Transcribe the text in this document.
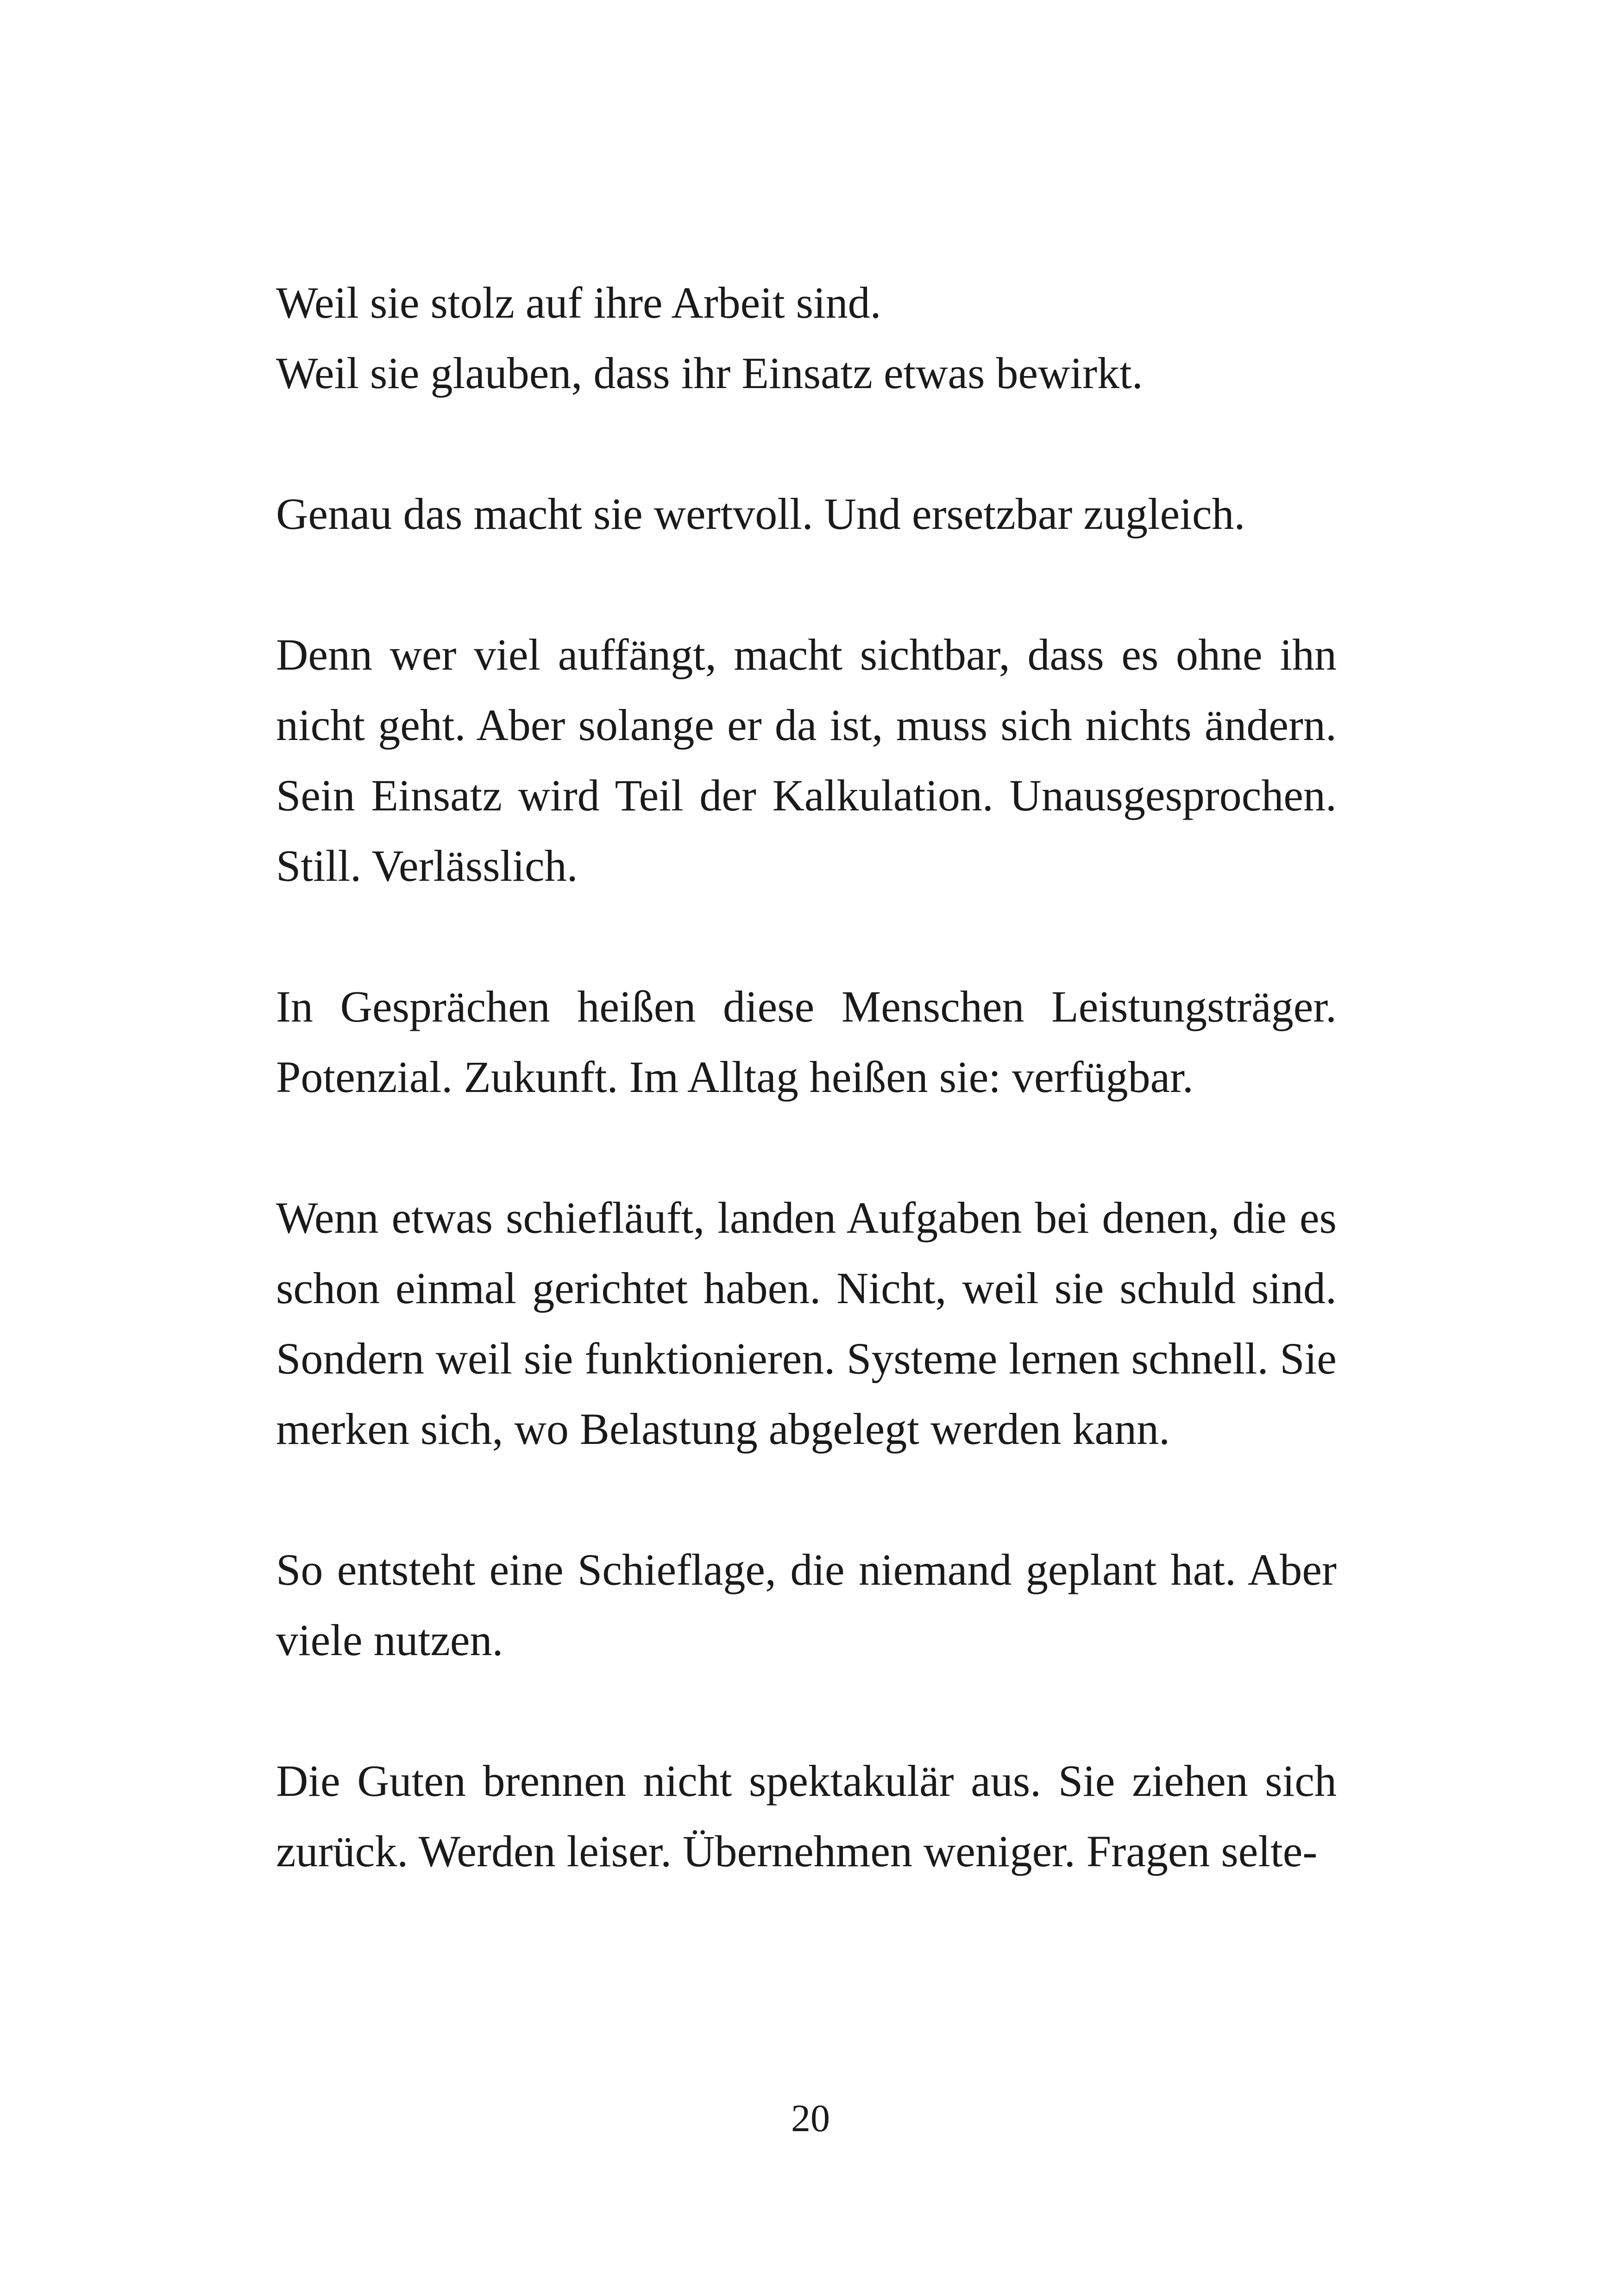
Weil sie stolz auf ihre Arbeit sind.
Weil sie glauben, dass ihr Einsatz etwas bewirkt.

Genau das macht sie wertvoll. Und ersetzbar zugleich.

Denn wer viel auffängt, macht sichtbar, dass es ohne ihn nicht geht. Aber solange er da ist, muss sich nichts ändern. Sein Einsatz wird Teil der Kalkulation. Unausgesprochen. Still. Verlässlich.

In Gesprächen heißen diese Menschen Leistungsträger. Potenzial. Zukunft. Im Alltag heißen sie: verfügbar.

Wenn etwas schiefläuft, landen Aufgaben bei denen, die es schon einmal gerichtet haben. Nicht, weil sie schuld sind. Sondern weil sie funktionieren. Systeme lernen schnell. Sie merken sich, wo Belastung abgelegt werden kann.

So entsteht eine Schieflage, die niemand geplant hat. Aber viele nutzen.

Die Guten brennen nicht spektakulär aus. Sie ziehen sich zurück. Werden leiser. Übernehmen weniger. Fragen selte-

20
